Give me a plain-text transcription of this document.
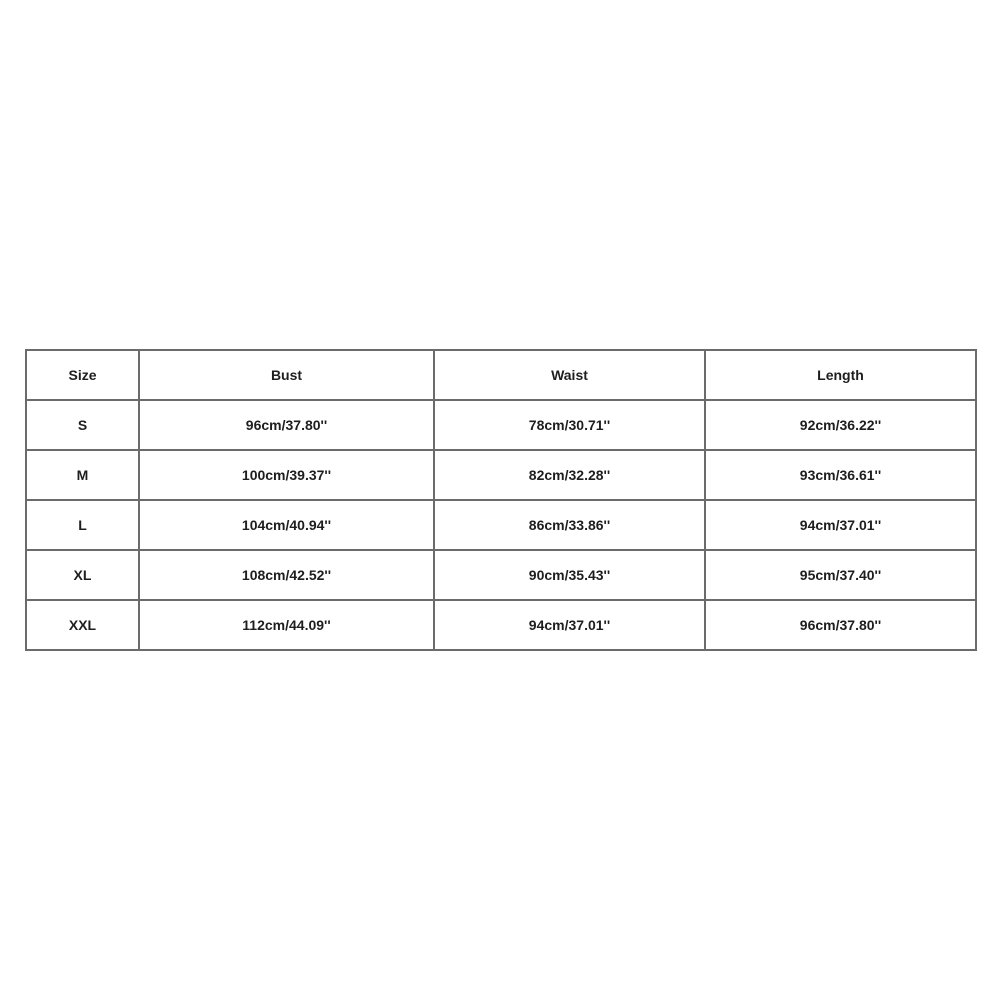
Size	Bust	Waist	Length
S	96cm/37.80''	78cm/30.71''	92cm/36.22''
M	100cm/39.37''	82cm/32.28''	93cm/36.61''
L	104cm/40.94''	86cm/33.86''	94cm/37.01''
XL	108cm/42.52''	90cm/35.43''	95cm/37.40''
XXL	112cm/44.09''	94cm/37.01''	96cm/37.80''
